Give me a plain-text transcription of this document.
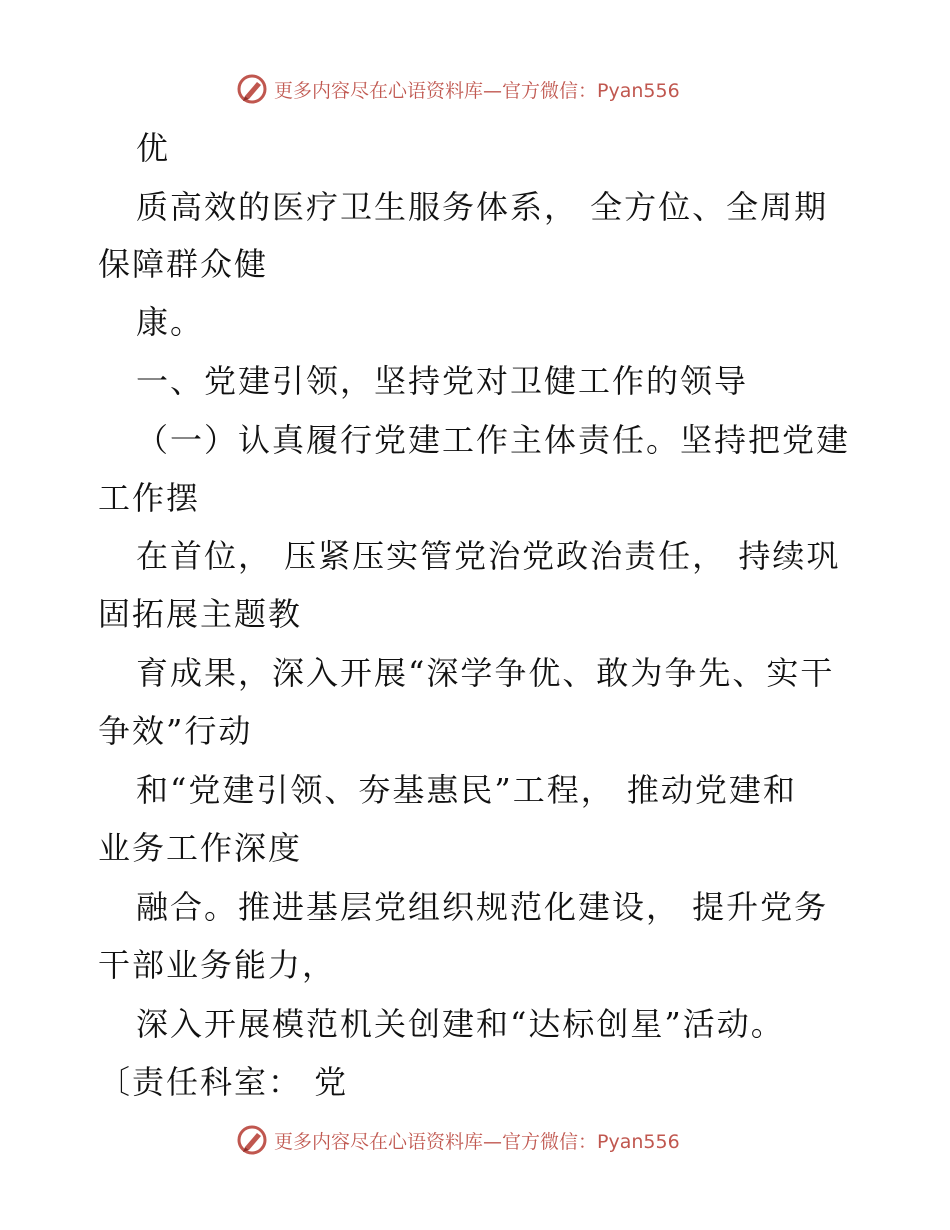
更多内容尽在心语资料库—官方微信：Pyan556
优
质高效的医疗卫生服务体系， 全方位、全周期
保障群众健
康。
一、党建引领，坚持党对卫健工作的领导
（一）认真履行党建工作主体责任。坚持把党建
工作摆
在首位， 压紧压实管党治党政治责任， 持续巩
固拓展主题教
育成果，深入开展“深学争优、敢为争先、实干
争效”行动
和“党建引领、夯基惠民”工程， 推动党建和
业务工作深度
融合。推进基层党组织规范化建设， 提升党务
干部业务能力，
深入开展模范机关创建和“达标创星”活动。
〔责任科室： 党
更多内容尽在心语资料库—官方微信：Pyan556
